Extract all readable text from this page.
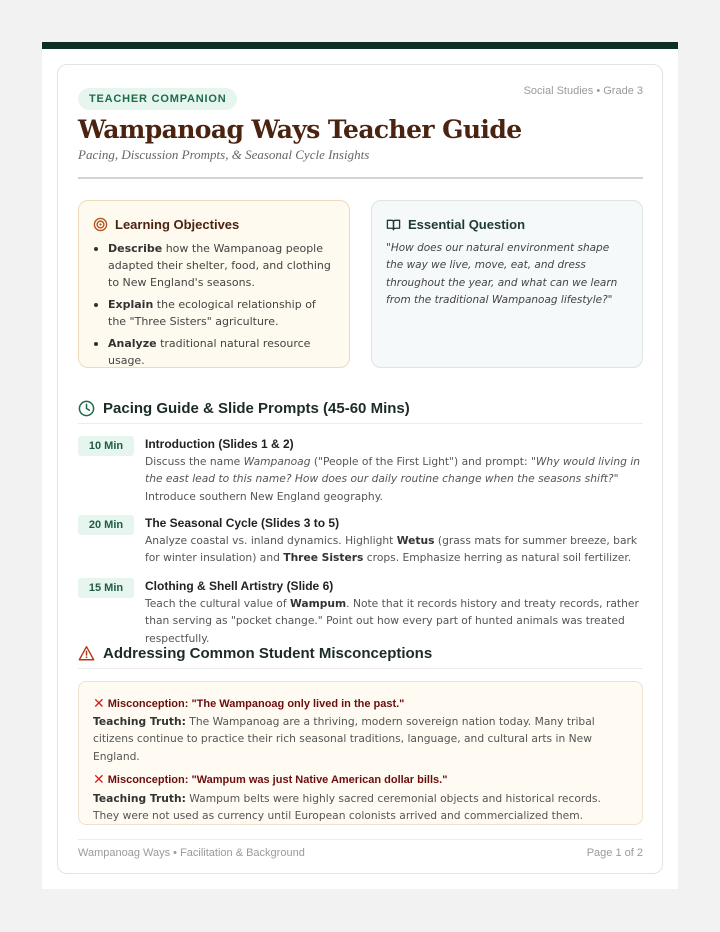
TEACHER COMPANION
Social Studies • Grade 3
Wampanoag Ways Teacher Guide
Pacing, Discussion Prompts, & Seasonal Cycle Insights
Learning Objectives
Describe how the Wampanoag people adapted their shelter, food, and clothing to New England's seasons.
Explain the ecological relationship of the "Three Sisters" agriculture.
Analyze traditional natural resource usage.
Essential Question
"How does our natural environment shape the way we live, move, eat, and dress throughout the year, and what can we learn from the traditional Wampanoag lifestyle?"
Pacing Guide & Slide Prompts (45-60 Mins)
10 Min	Introduction (Slides 1 & 2)
Discuss the name Wampanoag ("People of the First Light") and prompt: "Why would living in the east lead to this name? How does our daily routine change when the seasons shift?" Introduce southern New England geography.
20 Min	The Seasonal Cycle (Slides 3 to 5)
Analyze coastal vs. inland dynamics. Highlight Wetus (grass mats for summer breeze, bark for winter insulation) and Three Sisters crops. Emphasize herring as natural soil fertilizer.
15 Min	Clothing & Shell Artistry (Slide 6)
Teach the cultural value of Wampum. Note that it records history and treaty records, rather than serving as "pocket change." Point out how every part of hunted animals was treated respectfully.
Addressing Common Student Misconceptions
✕ Misconception: "The Wampanoag only lived in the past."
Teaching Truth: The Wampanoag are a thriving, modern sovereign nation today. Many tribal citizens continue to practice their rich seasonal traditions, language, and cultural arts in New England.
✕ Misconception: "Wampum was just Native American dollar bills."
Teaching Truth: Wampum belts were highly sacred ceremonial objects and historical records. They were not used as currency until European colonists arrived and commercialized them.
Wampanoag Ways • Facilitation & Background	Page 1 of 2
